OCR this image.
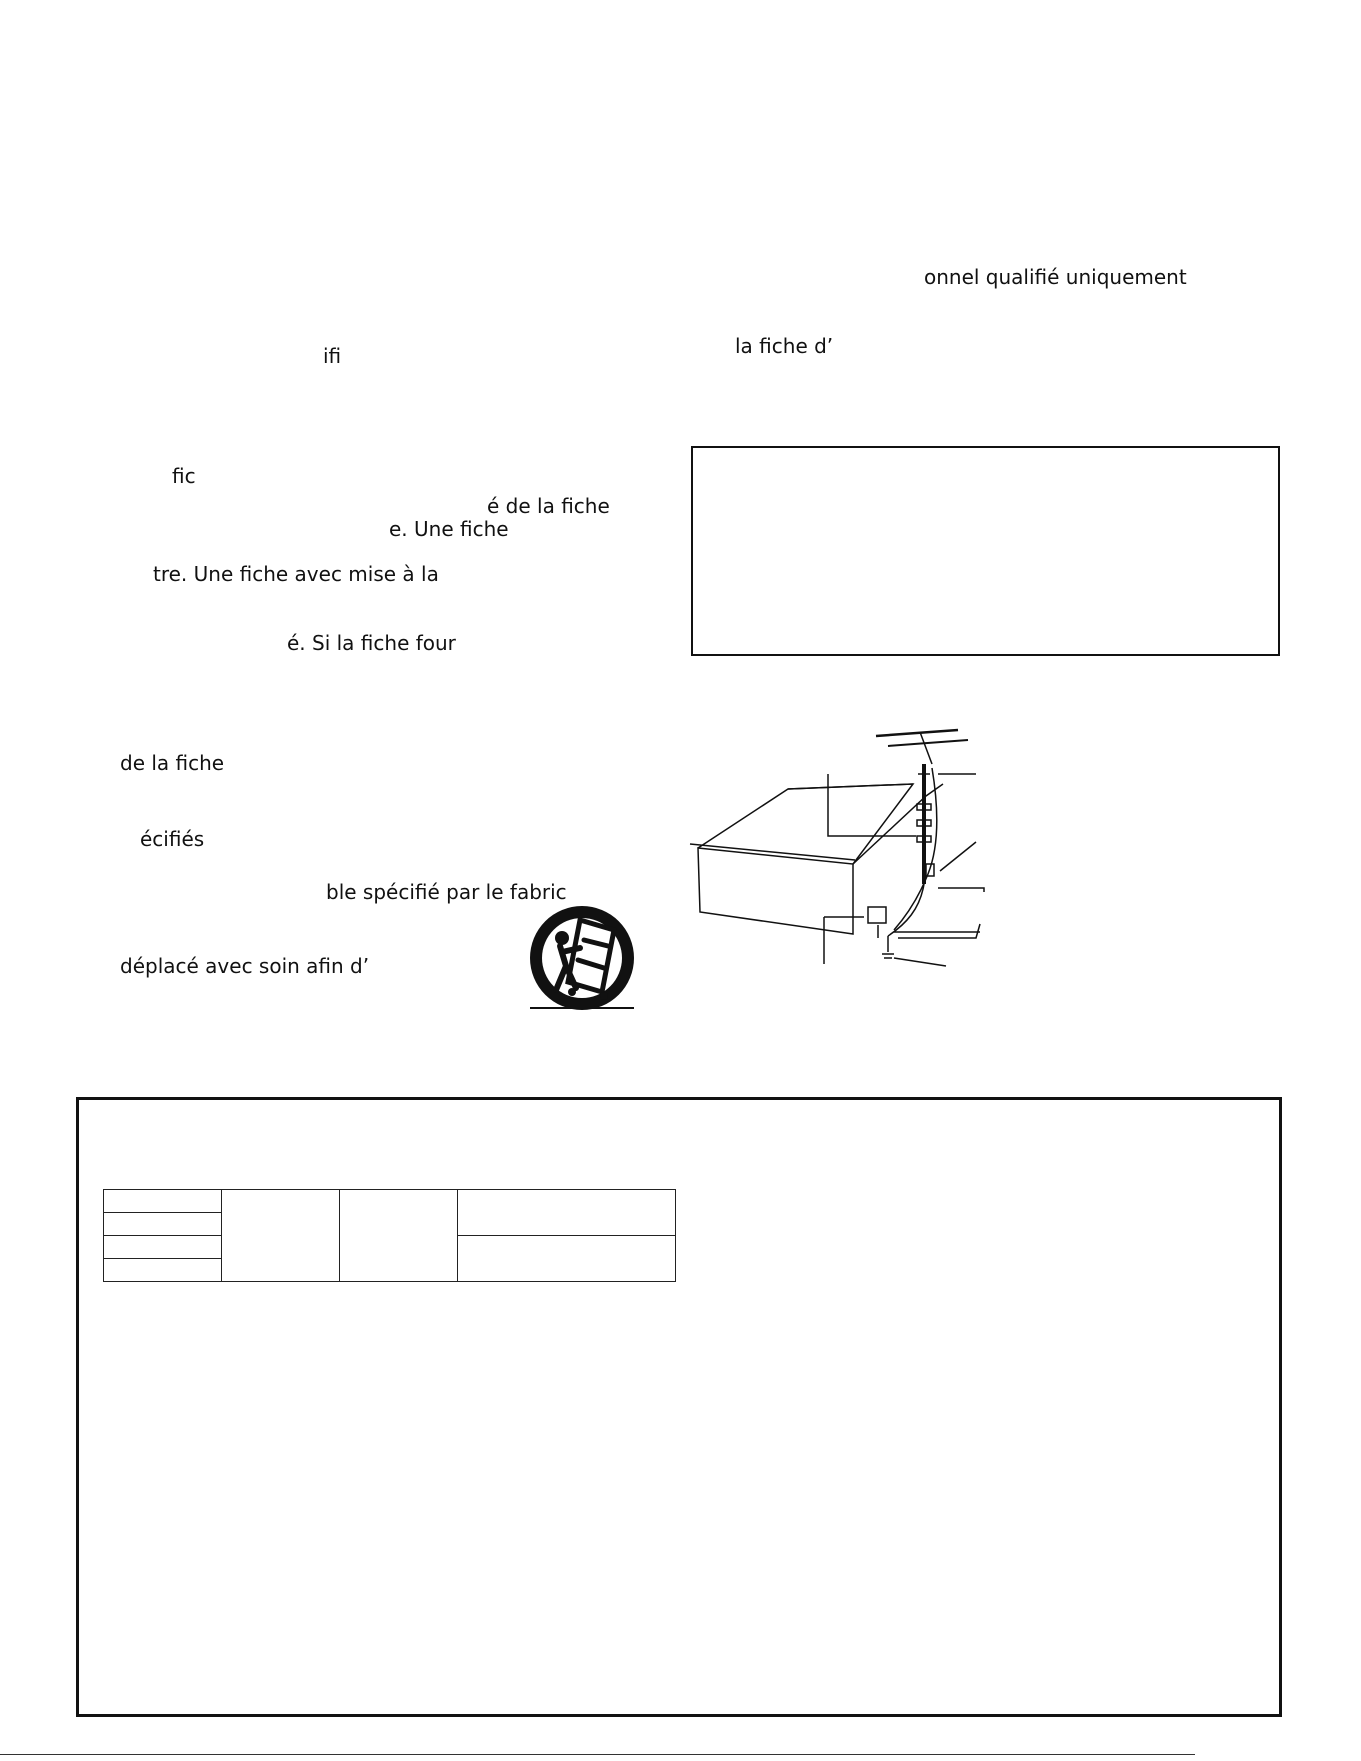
ifi
fic
é de la fiche
e. Une fiche
tre. Une fiche avec mise à la
é. Si la fiche four
de la fiche
écifiés
ble spécifié par le fabric
déplacé avec soin afin d’
onnel qualifié uniquement
la fiche d’
